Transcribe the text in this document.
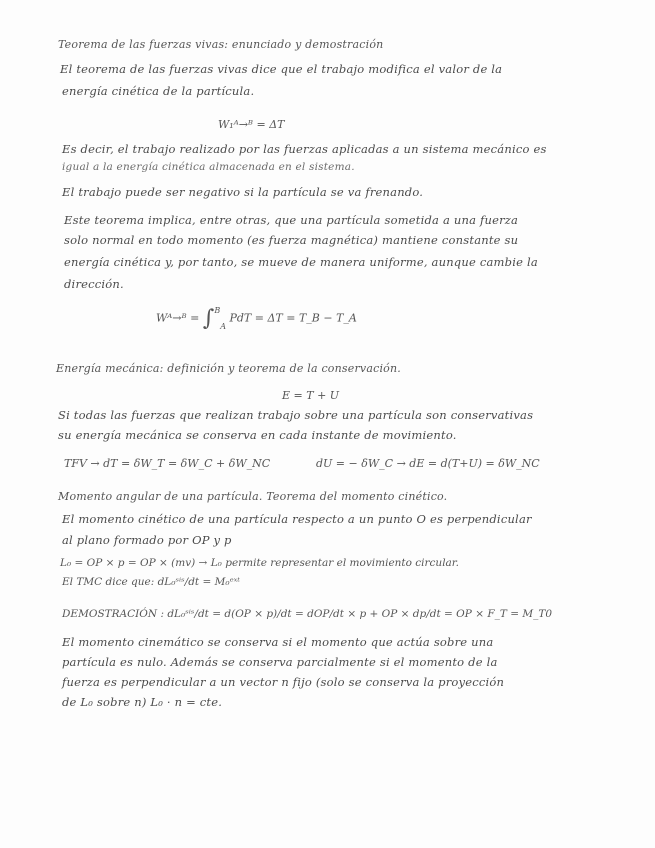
Teorema de las fuerzas vivas: enunciado y demostración
El teorema de las fuerzas vivas dice que el trabajo modifica el valor de la
energía cinética de la partícula.
W₁ᴬ→ᴮ = ΔT
Es decir, el trabajo realizado por las fuerzas aplicadas a un sistema mecánico es
igual a la energía cinética almacenada en el sistema.
El trabajo puede ser negativo si la partícula se va frenando.
Este teorema implica, entre otras, que una partícula sometida a una fuerza
solo normal en todo momento (es fuerza magnética) mantiene constante su
energía cinética y, por tanto, se mueve de manera uniforme, aunque cambie la
dirección.
Wᴬ→ᴮ = ∫$^B$A PdT = ΔT = T_B − T_A
Energía mecánica: definición y teorema de la conservación.
E = T + U
Si todas las fuerzas que realizan trabajo sobre una partícula son conservativas
su energía mecánica se conserva en cada instante de movimiento.
TFV → dT = δW_T = δW_C + δW_NC	dU = − δW_C → dE = d(T+U) = δW_NC
Momento angular de una partícula. Teorema del momento cinético.
El momento cinético de una partícula respecto a un punto O es perpendicular
al plano formado por OP y p
L₀ = OP × p = OP × (mv) → L₀ permite representar el movimiento circular.
El TMC dice que: dL₀ˢⁱˢ/dt = M₀ᵉˣᵗ
DEMOSTRACIÓN : dL₀ˢⁱˢ/dt = d(OP × p)/dt = dOP/dt × p + OP × dp/dt = OP × F_T = M_T0
El momento cinemático se conserva si el momento que actúa sobre una
partícula es nulo. Además se conserva parcialmente si el momento de la
fuerza es perpendicular a un vector n fijo (solo se conserva la proyección
de L₀ sobre n) L₀ · n = cte.
